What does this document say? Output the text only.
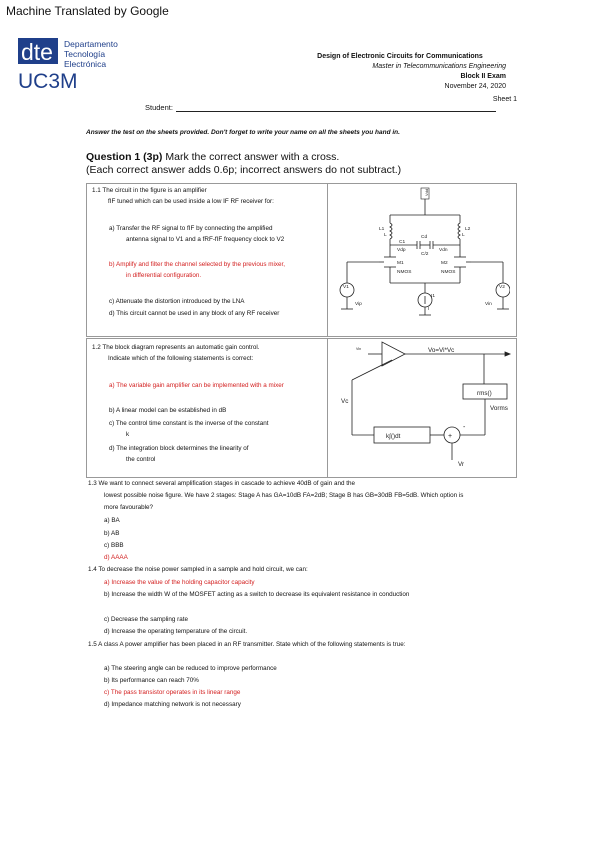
Machine Translated by Google
dte
UC3M
Departamento
Tecnología
Electrónica
Design of Electronic Circuits for Communications
Master in Telecommunications Engineering
Block II Exam
November 24, 2020
Sheet 1
Student:
Answer the test on the sheets provided. Don't forget to write your name on all the sheets you hand in.
Question 1 (3p) Mark the correct answer with a cross.
(Each correct answer adds 0.6p; incorrect answers do not subtract.)
1.1 The circuit in the figure is an amplifier
fIF tuned which can be used inside a low IF RF receiver for:
a) Transfer the RF signal to fIF by connecting the amplified
antenna signal to V1 and a fRF-fIF frequency clock to V2
b) Amplify and filter the channel selected by the previous mixer,
in differential configuration.
c) Attenuate the distortion introduced by the LNA
d) This circuit cannot be used in any block of any RF receiver
Vdd
L1	L2
L	L
C1
Cd
C/2
Vdp	Vdn
M1	M2
NMOS	NMOS
V1	V2
Vip	Vin
I1
I
1.2 The block diagram represents an automatic gain control.
Indicate which of the following statements is correct:
a) The variable gain amplifier can be implemented with a mixer
b) A linear model can be established in dB
c) The control time constant is the inverse of the constant
k
d) The integration block determines the linearity of
the control
Vin	Vo=Vi*Vc
rms()
Vc
Vorms
k∫()dt
Vr
+
-
1.3 We want to connect several amplification stages in cascade to achieve 40dB of gain and the
lowest possible noise figure. We have 2 stages: Stage A has GA=10dB FA=2dB; Stage B has GB=30dB FB=5dB. Which option is
more favourable?
a) BA
b) AB
c) BBB
d) AAAA
1.4 To decrease the noise power sampled in a sample and hold circuit, we can:
a) Increase the value of the holding capacitor capacity
b) Increase the width W of the MOSFET acting as a switch to decrease its equivalent resistance in conduction
c) Decrease the sampling rate
d) Increase the operating temperature of the circuit.
1.5 A class A power amplifier has been placed in an RF transmitter. State which of the following statements is true:
a) The steering angle can be reduced to improve performance
b) Its performance can reach 70%
c) The pass transistor operates in its linear range
d) Impedance matching network is not necessary
